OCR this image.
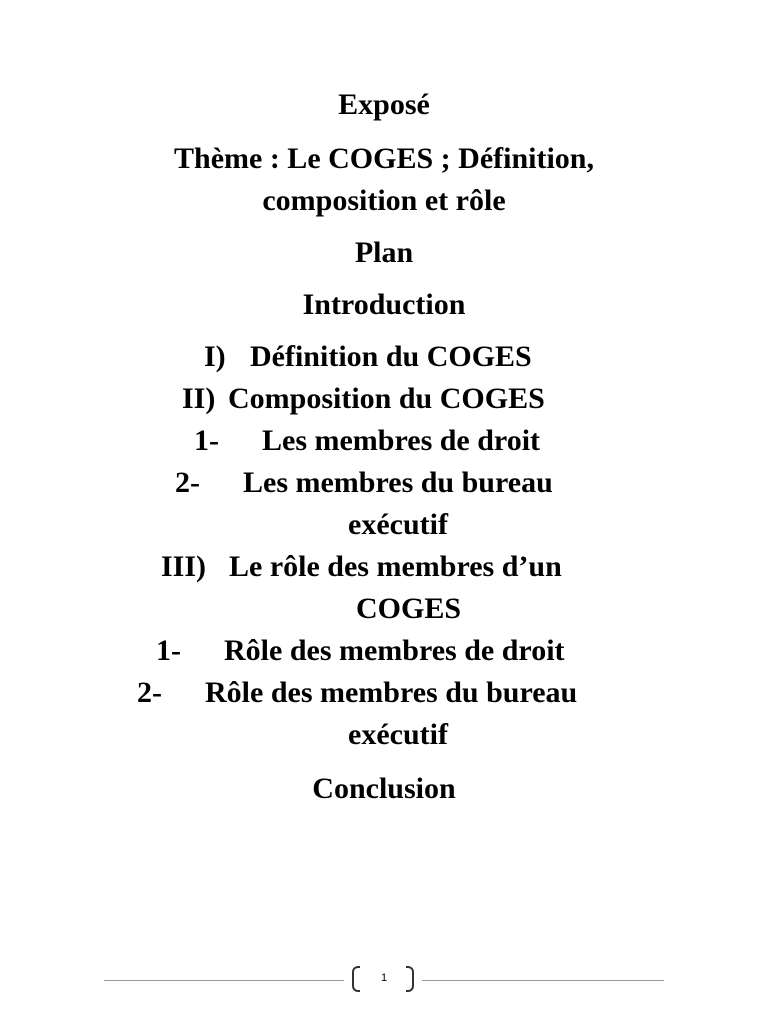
Exposé
Thème : Le COGES ; Définition,
composition et rôle
Plan
Introduction
I) Définition du COGES
II) Composition du COGES
1- Les membres de droit
2- Les membres du bureau
exécutif
III) Le rôle des membres d’un
COGES
1- Rôle des membres de droit
2- Rôle des membres du bureau
exécutif
Conclusion
1
